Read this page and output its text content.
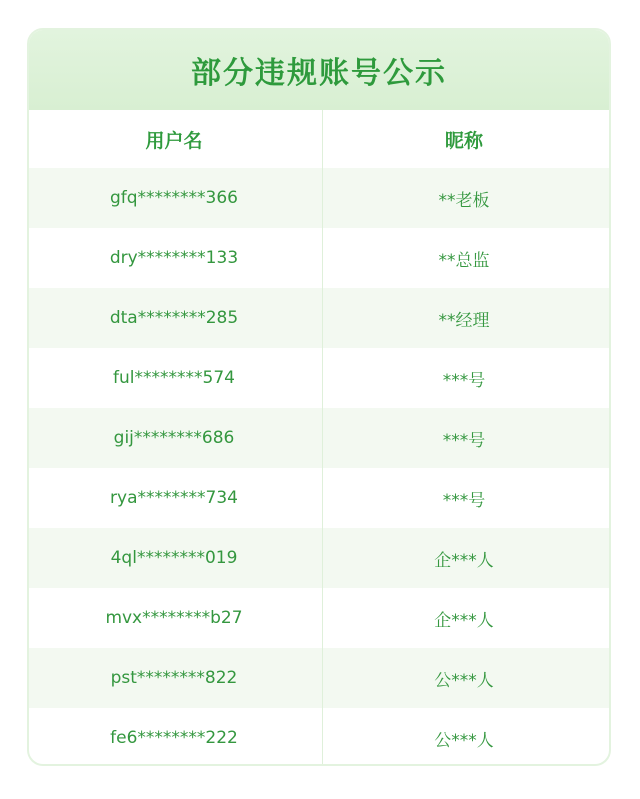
部分违规账号公示
用户名	昵称
gfq********366	**老板
dry********133	**总监
dta********285	**经理
ful********574	***号
gij********686	***号
rya********734	***号
4ql********019	企***人
mvx********b27	企***人
pst********822	公***人
fe6********222	公***人
